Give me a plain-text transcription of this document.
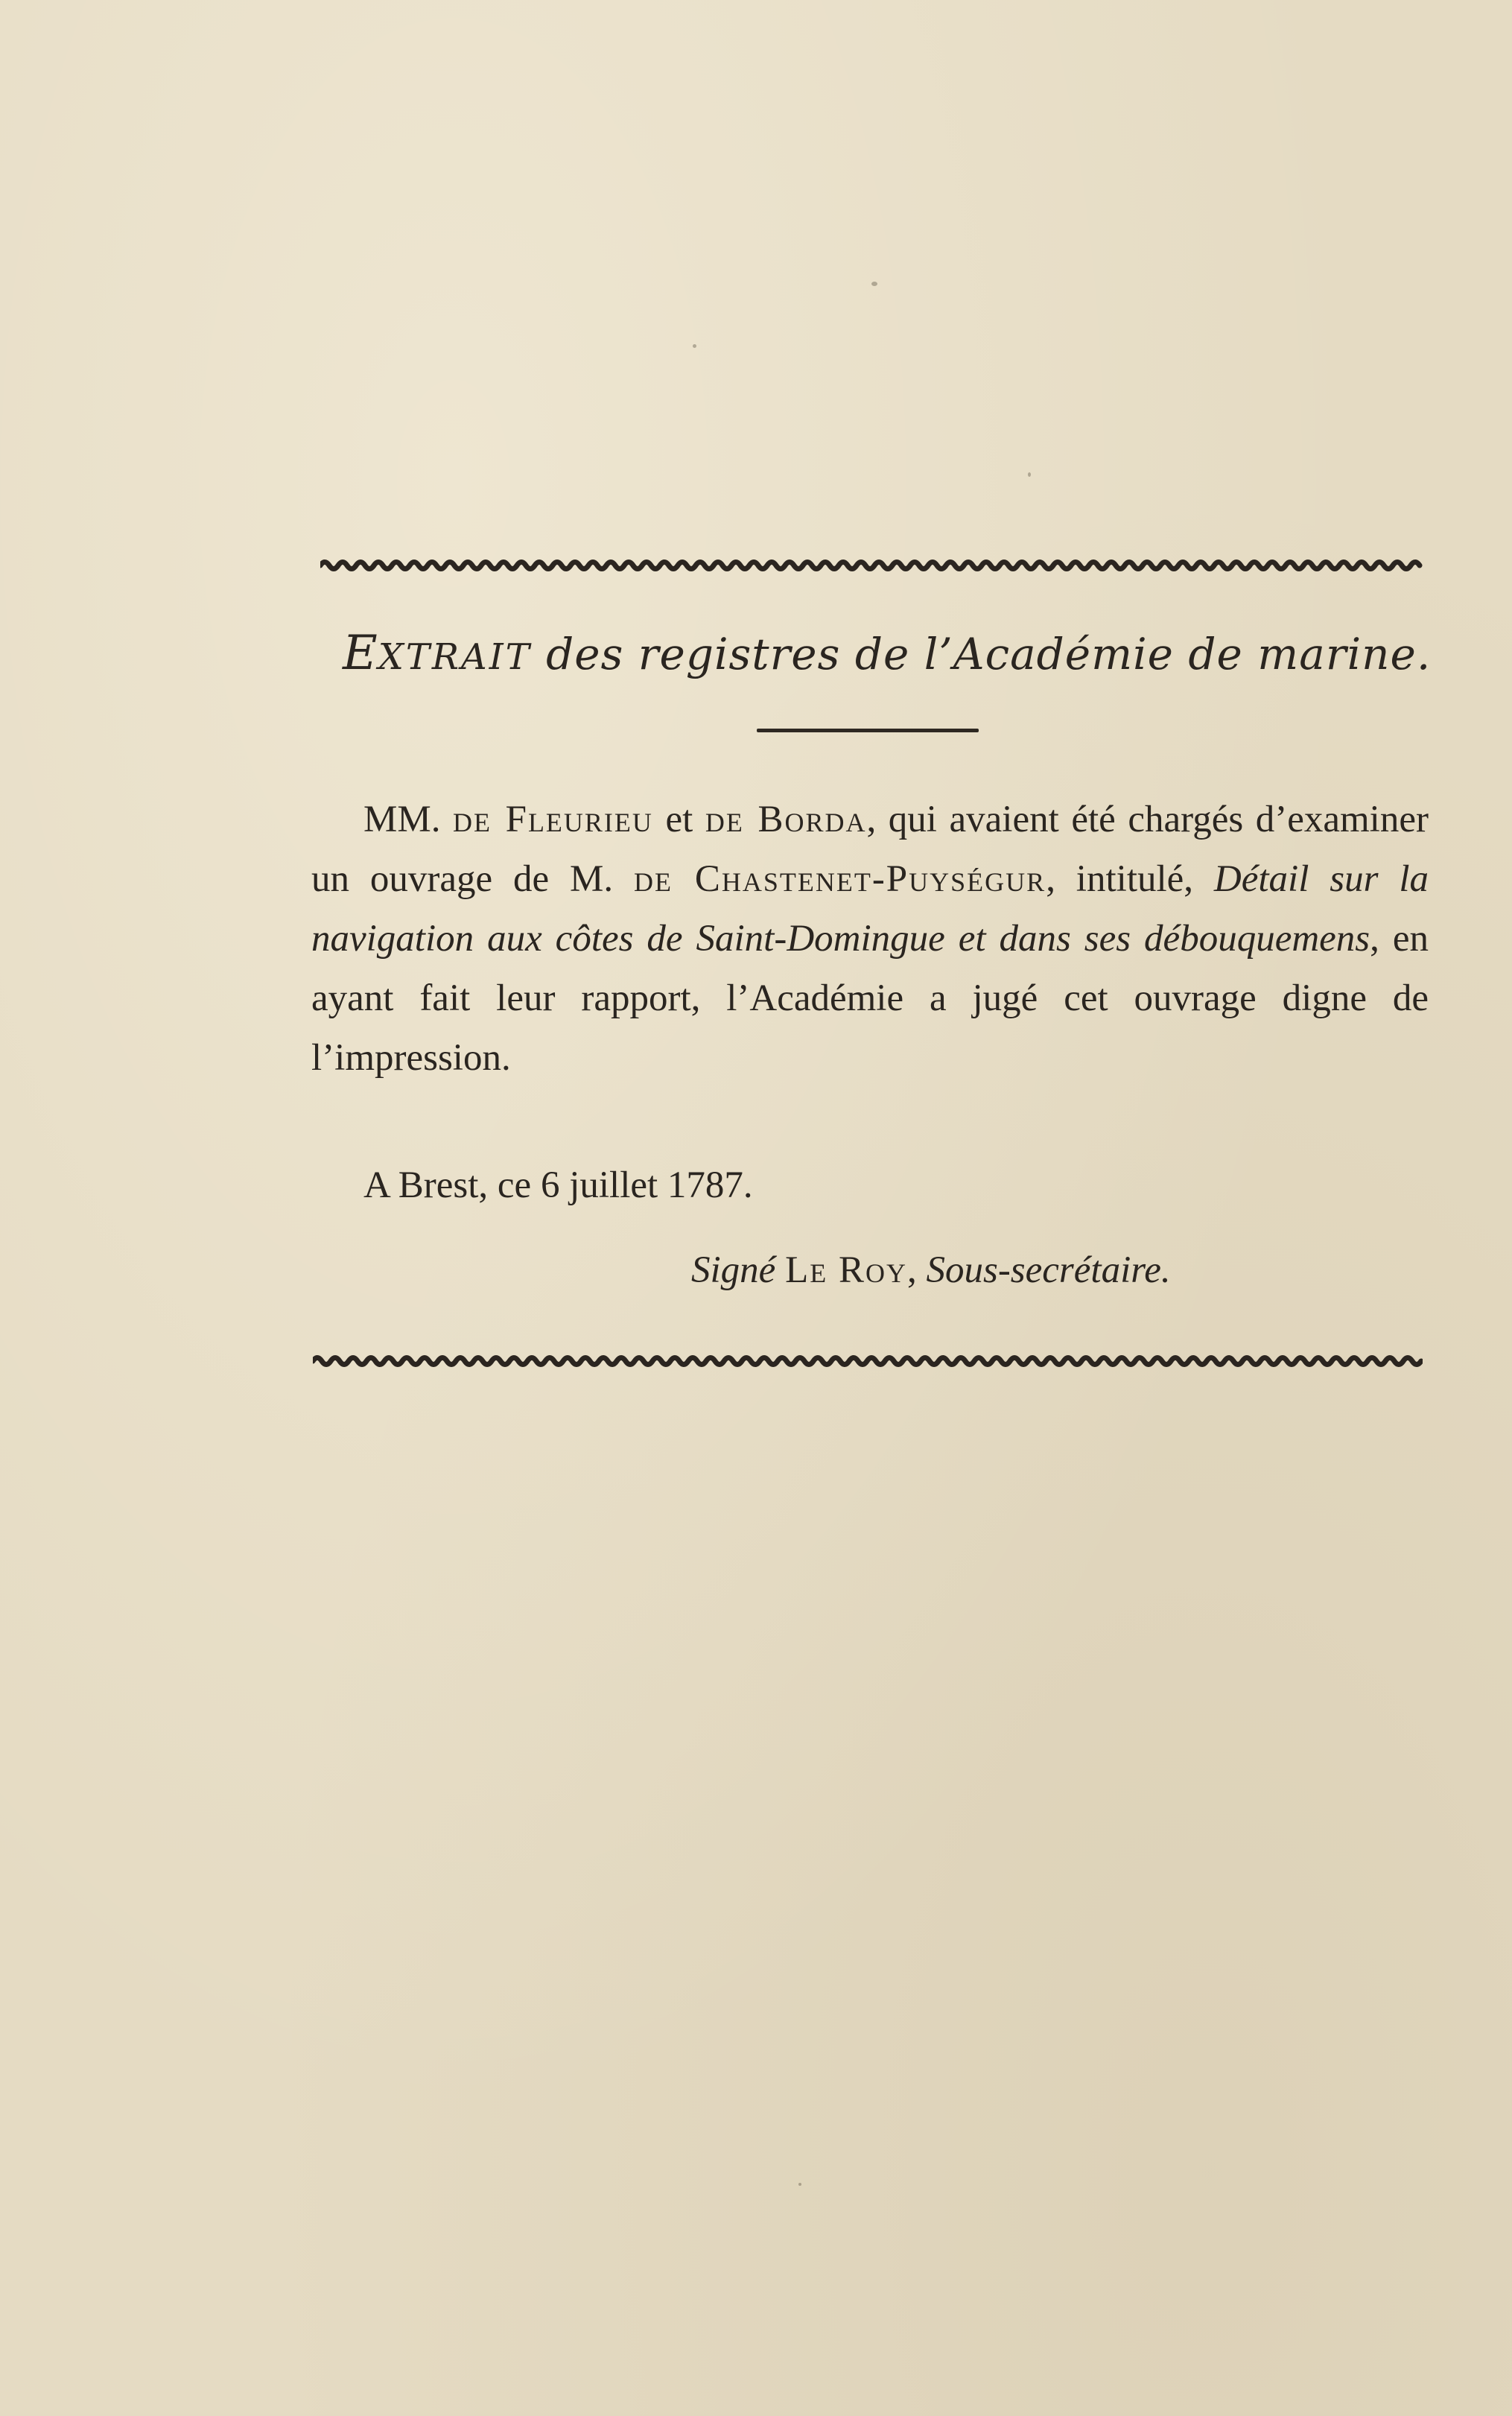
EXTRAIT des registres de l’Académie de marine.

MM. de Fleurieu et de Borda, qui avaient été chargés d’examiner un ouvrage de M. de Chastenet-Puységur, intitulé, Détail sur la navigation aux côtes de Saint-Domingue et dans ses débouquemens, en ayant fait leur rapport, l’Académie a jugé cet ouvrage digne de l’impression.

A Brest, ce 6 juillet 1787.
Signé Le Roy, Sous-secrétaire.
